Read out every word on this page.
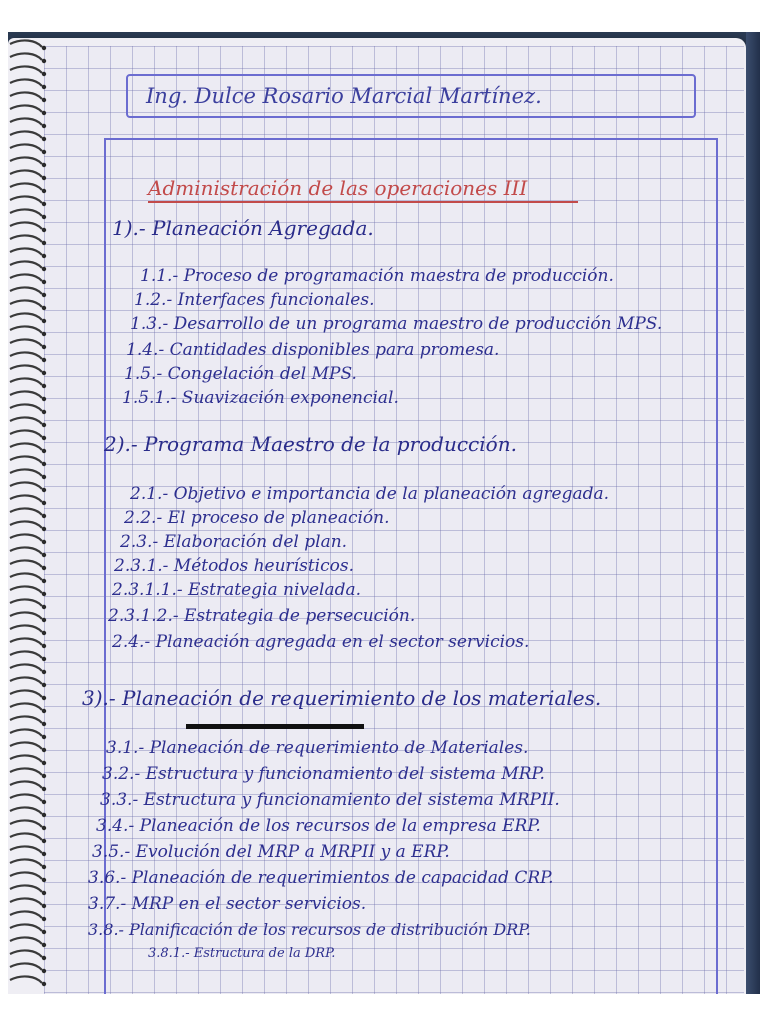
Ing. Dulce Rosario Marcial Martínez.
Administración de las operaciones III
1).- Planeación Agregada.
1.1.- Proceso de programación maestra de producción.
1.2.- Interfaces funcionales.
1.3.- Desarrollo de un programa maestro de producción MPS.
1.4.- Cantidades disponibles para promesa.
1.5.- Congelación del MPS.
1.5.1.- Suavización exponencial.
2).- Programa Maestro de la producción.
2.1.- Objetivo e importancia de la planeación agregada.
2.2.- El proceso de planeación.
2.3.- Elaboración del plan.
2.3.1.- Métodos heurísticos.
2.3.1.1.- Estrategia nivelada.
2.3.1.2.- Estrategia de persecución.
2.4.- Planeación agregada en el sector servicios.
3).- Planeación de requerimiento de los materiales.
3.1.- Planeación de requerimiento de Materiales.
3.2.- Estructura y funcionamiento del sistema MRP.
3.3.- Estructura y funcionamiento del sistema MRPII.
3.4.- Planeación de los recursos de la empresa ERP.
3.5.- Evolución del MRP a MRPII y a ERP.
3.6.- Planeación de requerimientos de capacidad CRP.
3.7.- MRP en el sector servicios.
3.8.- Planificación de los recursos de distribución DRP.
3.8.1.- Estructura de la DRP.
